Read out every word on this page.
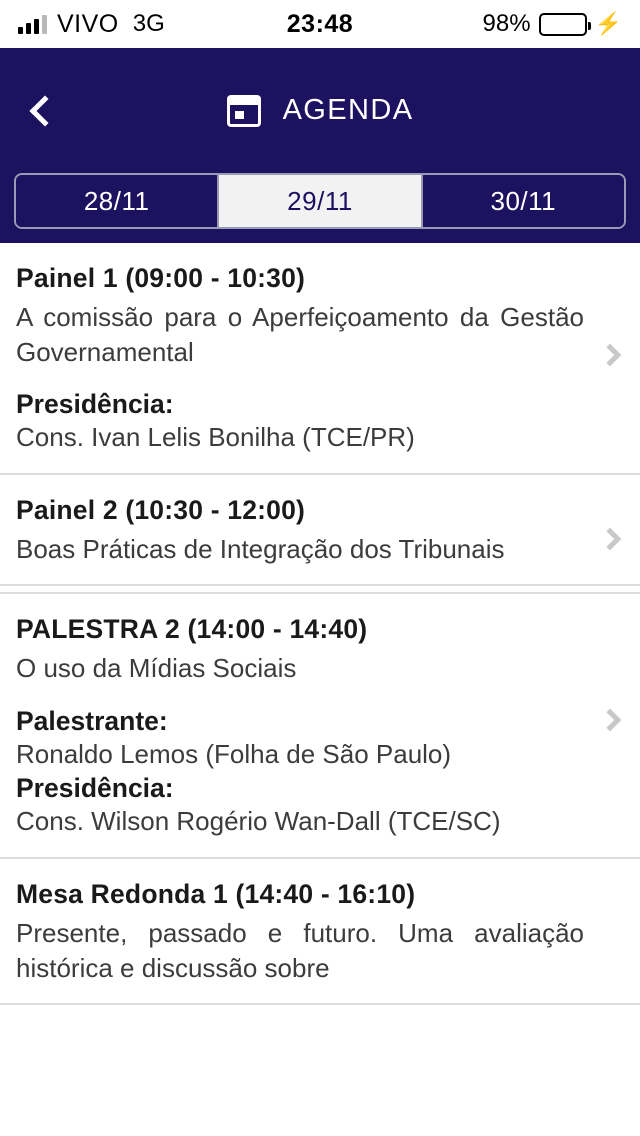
VIVO 3G	23:48	98%	⚡
AGENDA
28/11	29/11	30/11
Painel 1 (09:00 - 10:30)
A comissão para o Aperfeiçoamento da Gestão Governamental
Presidência:
Cons. Ivan Lelis Bonilha (TCE/PR)
Painel 2 (10:30 - 12:00)
Boas Práticas de Integração dos Tribunais
PALESTRA 2 (14:00 - 14:40)
O uso da Mídias Sociais
Palestrante:
Ronaldo Lemos (Folha de São Paulo)
Presidência:
Cons. Wilson Rogério Wan-Dall (TCE/SC)
Mesa Redonda 1 (14:40 - 16:10)
Presente, passado e futuro. Uma avaliação histórica e discussão sobre
